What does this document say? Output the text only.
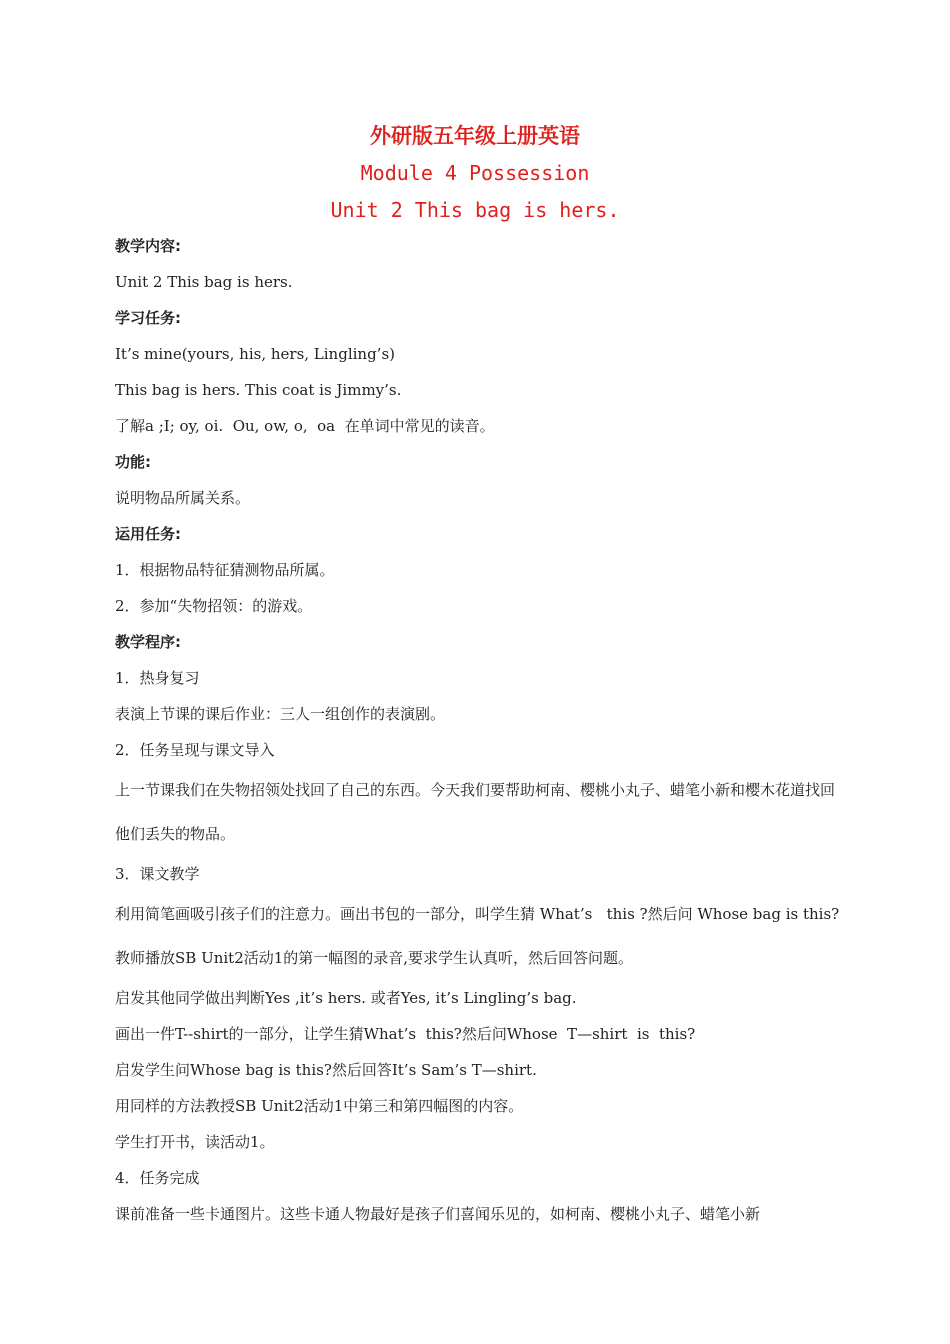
外研版五年级上册英语

Module 4 Possession

Unit 2 This bag is hers.

教学内容:

Unit 2 This bag is hers.

学习任务:

It’s mine(yours, his, hers, Lingling’s)

This bag is hers. This coat is Jimmy’s.

了解a ;I; oy, oi.  Ou, ow, o,  oa  在单词中常见的读音。

功能:

说明物品所属关系。

运用任务:

1．根据物品特征猜测物品所属。

2．参加“失物招领：的游戏。

教学程序:

1．热身复习

表演上节课的课后作业：三人一组创作的表演剧。

2．任务呈现与课文导入

上一节课我们在失物招领处找回了自己的东西。今天我们要帮助柯南、樱桃小丸子、蜡笔小新和樱木花道找回他们丢失的物品。

3．课文教学

利用简笔画吸引孩子们的注意力。画出书包的一部分，叫学生猜 What’s   this ?然后问 Whose bag is this?教师播放SB Unit2活动1的第一幅图的录音,要求学生认真听，然后回答问题。

启发其他同学做出判断Yes ,it’s hers. 或者Yes, it’s Lingling’s bag.

画出一件T--shirt的一部分，让学生猜What’s  this?然后问Whose  T—shirt  is  this?

启发学生问Whose bag is this?然后回答It’s Sam’s T—shirt.

用同样的方法教授SB Unit2活动1中第三和第四幅图的内容。

学生打开书，读活动1。

4．任务完成

课前准备一些卡通图片。这些卡通人物最好是孩子们喜闻乐见的，如柯南、樱桃小丸子、蜡笔小新
